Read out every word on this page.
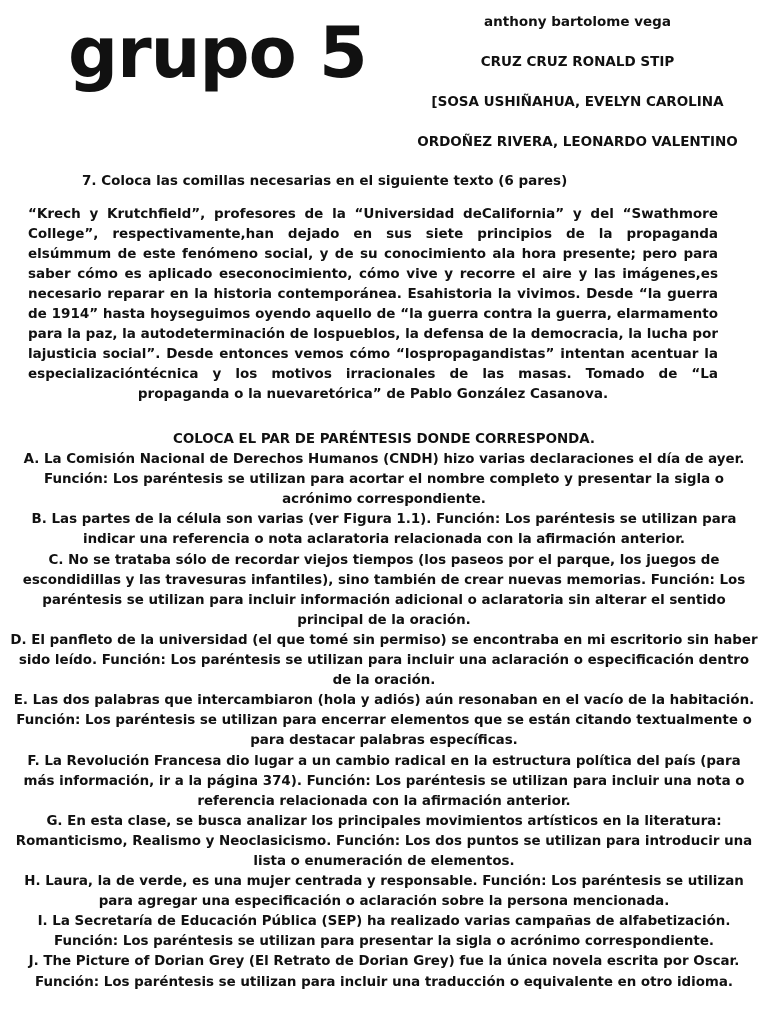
grupo 5	anthony bartolome vega
CRUZ CRUZ RONALD STIP
[SOSA USHIÑAHUA, EVELYN CAROLINA
ORDOÑEZ RIVERA, LEONARDO VALENTINO
7. Coloca las comillas necesarias en el siguiente texto (6 pares)
“Krech y Krutchfield”, profesores de la “Universidad deCalifornia” y del “Swathmore College”, respectivamente,han dejado en sus siete principios de la propaganda elsúmmum de este fenómeno social, y de su conocimiento ala hora presente; pero para saber cómo es aplicado eseconocimiento, cómo vive y recorre el aire y las imágenes,es necesario reparar en la historia contemporánea. Esahistoria la vivimos. Desde “la guerra de 1914” hasta hoyseguimos oyendo aquello de “la guerra contra la guerra, elarmamento para la paz, la autodeterminación de lospueblos, la defensa de la democracia, la lucha por lajusticia social”. Desde entonces vemos cómo “lospropagandistas” intentan acentuar la especializacióntécnica y los motivos irracionales de las masas. Tomado de “La propaganda o la nuevaretórica” de Pablo González Casanova.

COLOCA EL PAR DE PARÉNTESIS DONDE CORRESPONDA.

A. La Comisión Nacional de Derechos Humanos (CNDH) hizo varias declaraciones el día de ayer. Función: Los paréntesis se utilizan para acortar el nombre completo y presentar la sigla o acrónimo correspondiente.

B. Las partes de la célula son varias (ver Figura 1.1). Función: Los paréntesis se utilizan para indicar una referencia o nota aclaratoria relacionada con la afirmación anterior.

C. No se trataba sólo de recordar viejos tiempos (los paseos por el parque, los juegos de escondidillas y las travesuras infantiles), sino también de crear nuevas memorias. Función: Los paréntesis se utilizan para incluir información adicional o aclaratoria sin alterar el sentido principal de la oración.

D. El panfleto de la universidad (el que tomé sin permiso) se encontraba en mi escritorio sin haber sido leído. Función: Los paréntesis se utilizan para incluir una aclaración o especificación dentro de la oración.

E. Las dos palabras que intercambiaron (hola y adiós) aún resonaban en el vacío de la habitación. Función: Los paréntesis se utilizan para encerrar elementos que se están citando textualmente o para destacar palabras específicas.

F. La Revolución Francesa dio lugar a un cambio radical en la estructura política del país (para más información, ir a la página 374). Función: Los paréntesis se utilizan para incluir una nota o referencia relacionada con la afirmación anterior.

G. En esta clase, se busca analizar los principales movimientos artísticos en la literatura: Romanticismo, Realismo y Neoclasicismo. Función: Los dos puntos se utilizan para introducir una lista o enumeración de elementos.

H. Laura, la de verde, es una mujer centrada y responsable. Función: Los paréntesis se utilizan para agregar una especificación o aclaración sobre la persona mencionada.

I. La Secretaría de Educación Pública (SEP) ha realizado varias campañas de alfabetización. Función: Los paréntesis se utilizan para presentar la sigla o acrónimo correspondiente.

J. The Picture of Dorian Grey (El Retrato de Dorian Grey) fue la única novela escrita por Oscar. Función: Los paréntesis se utilizan para incluir una traducción o equivalente en otro idioma.
